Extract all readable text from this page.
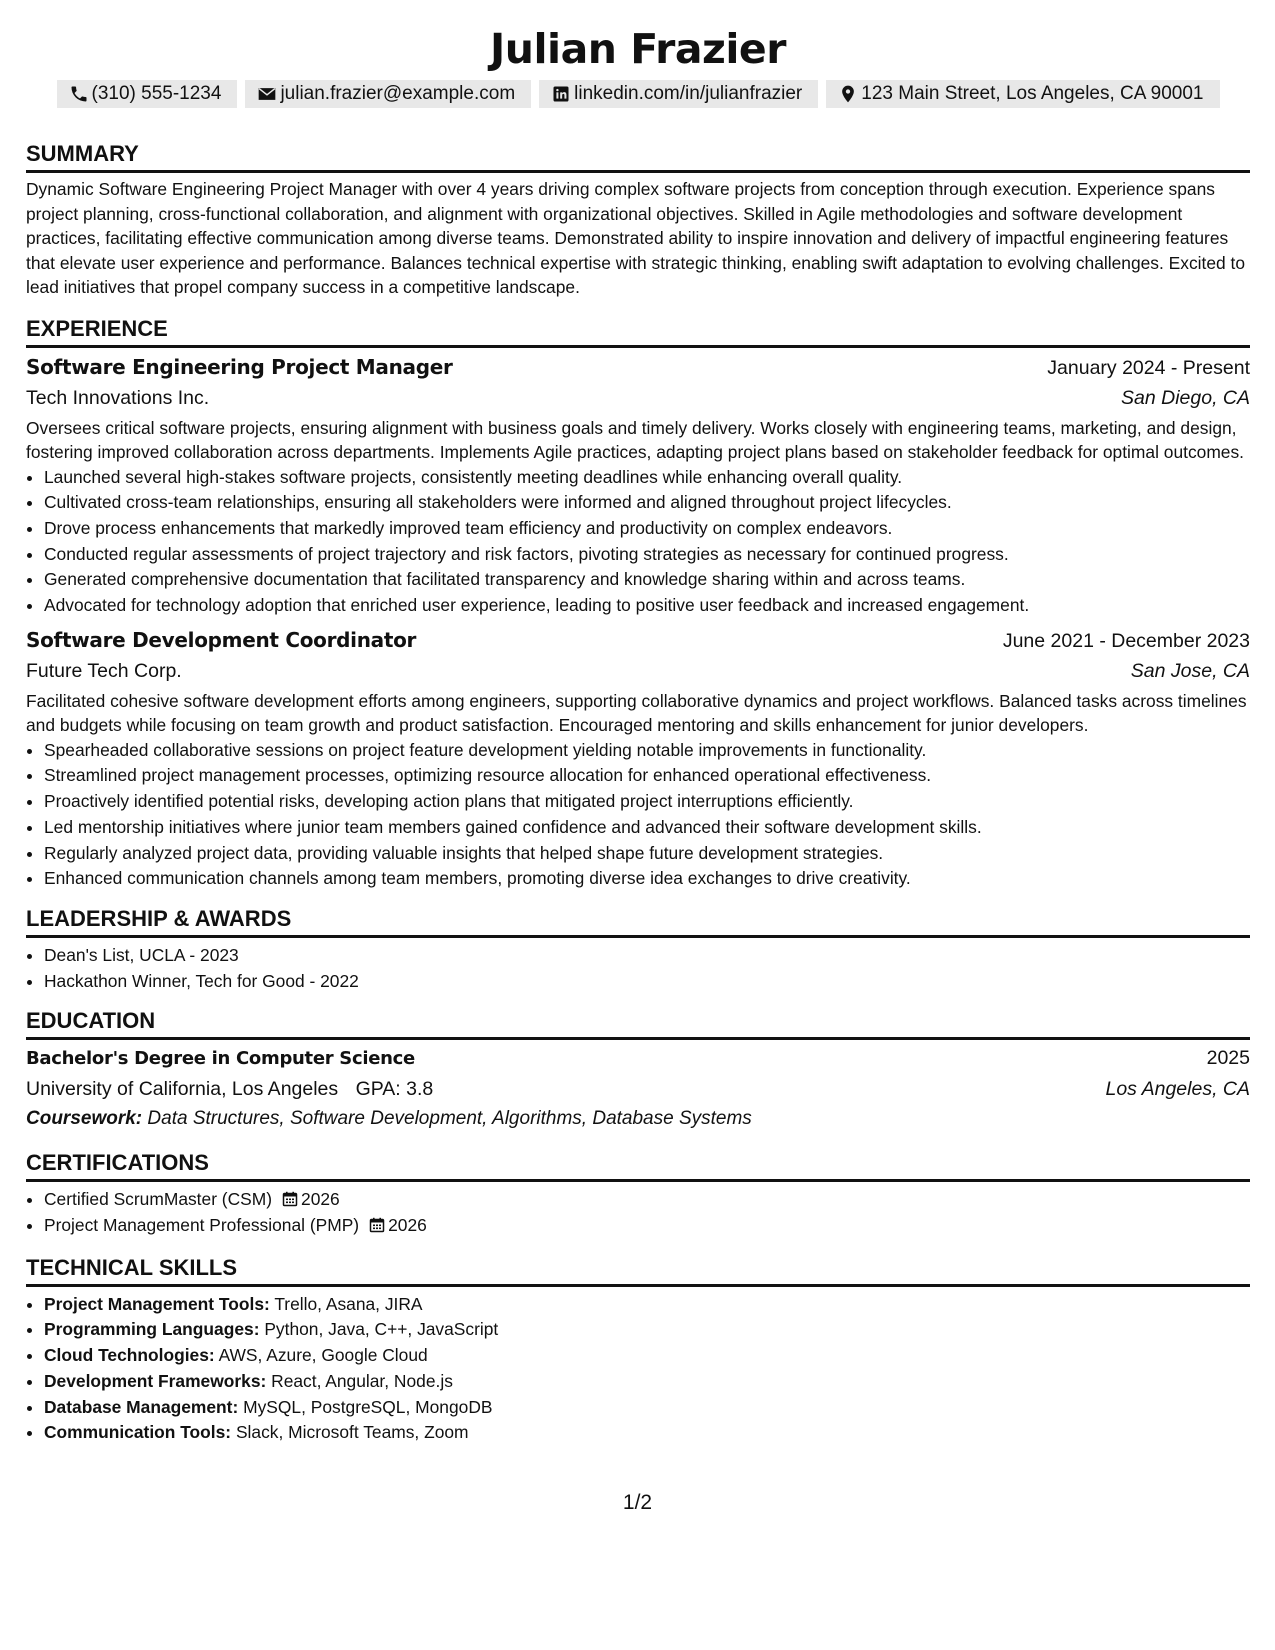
Julian Frazier
(310) 555-1234	julian.frazier@example.com	linkedin.com/in/julianfrazier	123 Main Street, Los Angeles, CA 90001
SUMMARY

Dynamic Software Engineering Project Manager with over 4 years driving complex software projects from conception through execution. Experience spans project planning, cross-functional collaboration, and alignment with organizational objectives. Skilled in Agile methodologies and software development practices, facilitating effective communication among diverse teams. Demonstrated ability to inspire innovation and delivery of impactful engineering features that elevate user experience and performance. Balances technical expertise with strategic thinking, enabling swift adaptation to evolving challenges. Excited to lead initiatives that propel company success in a competitive landscape.

EXPERIENCE
Software Engineering Project Manager	January 2024 - Present
Tech Innovations Inc.	San Diego, CA

Oversees critical software projects, ensuring alignment with business goals and timely delivery. Works closely with engineering teams, marketing, and design, fostering improved collaboration across departments. Implements Agile practices, adapting project plans based on stakeholder feedback for optimal outcomes.

• Launched several high-stakes software projects, consistently meeting deadlines while enhancing overall quality.
• Cultivated cross-team relationships, ensuring all stakeholders were informed and aligned throughout project lifecycles.
• Drove process enhancements that markedly improved team efficiency and productivity on complex endeavors.
• Conducted regular assessments of project trajectory and risk factors, pivoting strategies as necessary for continued progress.
• Generated comprehensive documentation that facilitated transparency and knowledge sharing within and across teams.
• Advocated for technology adoption that enriched user experience, leading to positive user feedback and increased engagement.
Software Development Coordinator	June 2021 - December 2023
Future Tech Corp.	San Jose, CA

Facilitated cohesive software development efforts among engineers, supporting collaborative dynamics and project workflows. Balanced tasks across timelines and budgets while focusing on team growth and product satisfaction. Encouraged mentoring and skills enhancement for junior developers.

• Spearheaded collaborative sessions on project feature development yielding notable improvements in functionality.
• Streamlined project management processes, optimizing resource allocation for enhanced operational effectiveness.
• Proactively identified potential risks, developing action plans that mitigated project interruptions efficiently.
• Led mentorship initiatives where junior team members gained confidence and advanced their software development skills.
• Regularly analyzed project data, providing valuable insights that helped shape future development strategies.
• Enhanced communication channels among team members, promoting diverse idea exchanges to drive creativity.
LEADERSHIP & AWARDS
• Dean's List, UCLA - 2023
• Hackathon Winner, Tech for Good - 2022
EDUCATION
Bachelor's Degree in Computer Science	2025
University of California, Los Angeles GPA: 3.8	Los Angeles, CA
Coursework: Data Structures, Software Development, Algorithms, Database Systems
CERTIFICATIONS
• Certified ScrumMaster (CSM) 2026
• Project Management Professional (PMP) 2026
TECHNICAL SKILLS
• Project Management Tools: Trello, Asana, JIRA
• Programming Languages: Python, Java, C++, JavaScript
• Cloud Technologies: AWS, Azure, Google Cloud
• Development Frameworks: React, Angular, Node.js
• Database Management: MySQL, PostgreSQL, MongoDB
• Communication Tools: Slack, Microsoft Teams, Zoom
1/2
